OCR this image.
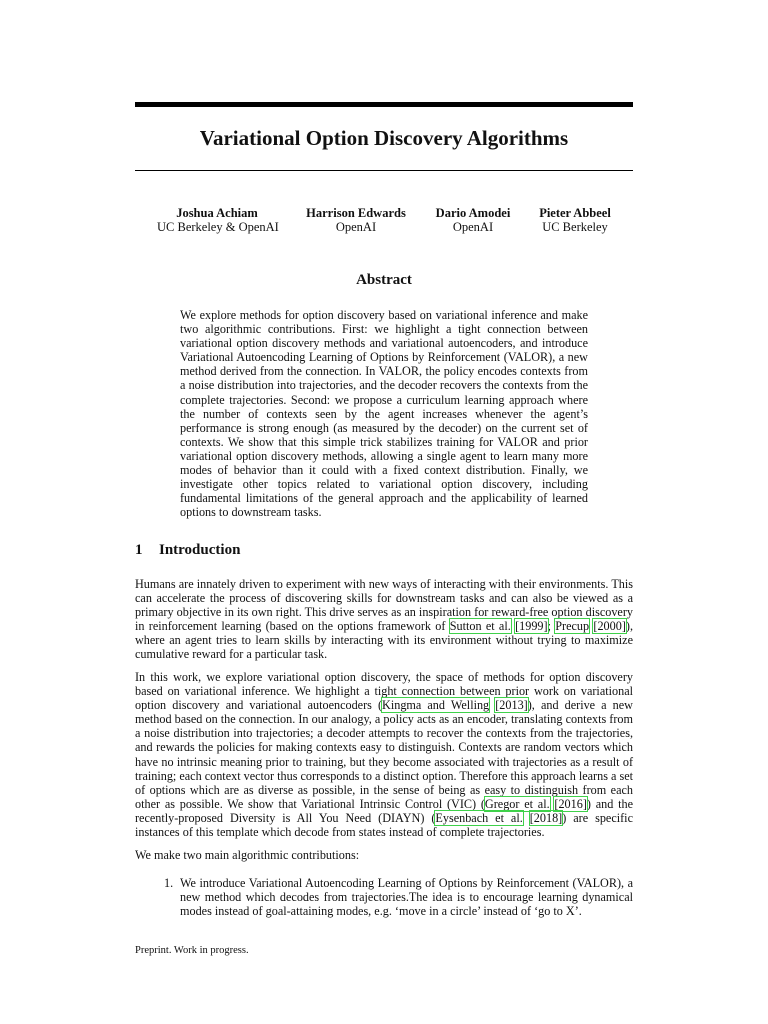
Variational Option Discovery Algorithms
Joshua Achiam
UC Berkeley & OpenAI
Harrison Edwards
OpenAI
Dario Amodei
OpenAI
Pieter Abbeel
UC Berkeley
Abstract
We explore methods for option discovery based on variational inference and make two algorithmic contributions. First: we highlight a tight connection between variational option discovery methods and variational autoencoders, and introduce Variational Autoencoding Learning of Options by Reinforcement (VALOR), a new method derived from the connection. In VALOR, the policy encodes contexts from a noise distribution into trajectories, and the decoder recovers the contexts from the complete trajectories. Second: we propose a curriculum learning approach where the number of contexts seen by the agent increases whenever the agent’s performance is strong enough (as measured by the decoder) on the current set of contexts. We show that this simple trick stabilizes training for VALOR and prior variational option discovery methods, allowing a single agent to learn many more modes of behavior than it could with a fixed context distribution. Finally, we investigate other topics related to variational option discovery, including fundamental limitations of the general approach and the applicability of learned options to downstream tasks.
1 Introduction
Humans are innately driven to experiment with new ways of interacting with their environments. This can accelerate the process of discovering skills for downstream tasks and can also be viewed as a primary objective in its own right. This drive serves as an inspiration for reward-free option discovery in reinforcement learning (based on the options framework of Sutton et al. [1999]; Precup [2000]), where an agent tries to learn skills by interacting with its environment without trying to maximize cumulative reward for a particular task.
In this work, we explore variational option discovery, the space of methods for option discovery based on variational inference. We highlight a tight connection between prior work on variational option discovery and variational autoencoders (Kingma and Welling [2013]), and derive a new method based on the connection. In our analogy, a policy acts as an encoder, translating contexts from a noise distribution into trajectories; a decoder attempts to recover the contexts from the trajectories, and rewards the policies for making contexts easy to distinguish. Contexts are random vectors which have no intrinsic meaning prior to training, but they become associated with trajectories as a result of training; each context vector thus corresponds to a distinct option. Therefore this approach learns a set of options which are as diverse as possible, in the sense of being as easy to distinguish from each other as possible. We show that Variational Intrinsic Control (VIC) (Gregor et al. [2016]) and the recently-proposed Diversity is All You Need (DIAYN) (Eysenbach et al. [2018]) are specific instances of this template which decode from states instead of complete trajectories.
We make two main algorithmic contributions:
1. We introduce Variational Autoencoding Learning of Options by Reinforcement (VALOR), a new method which decodes from trajectories.The idea is to encourage learning dynamical modes instead of goal-attaining modes, e.g. ‘move in a circle’ instead of ‘go to X’.
Preprint. Work in progress.
